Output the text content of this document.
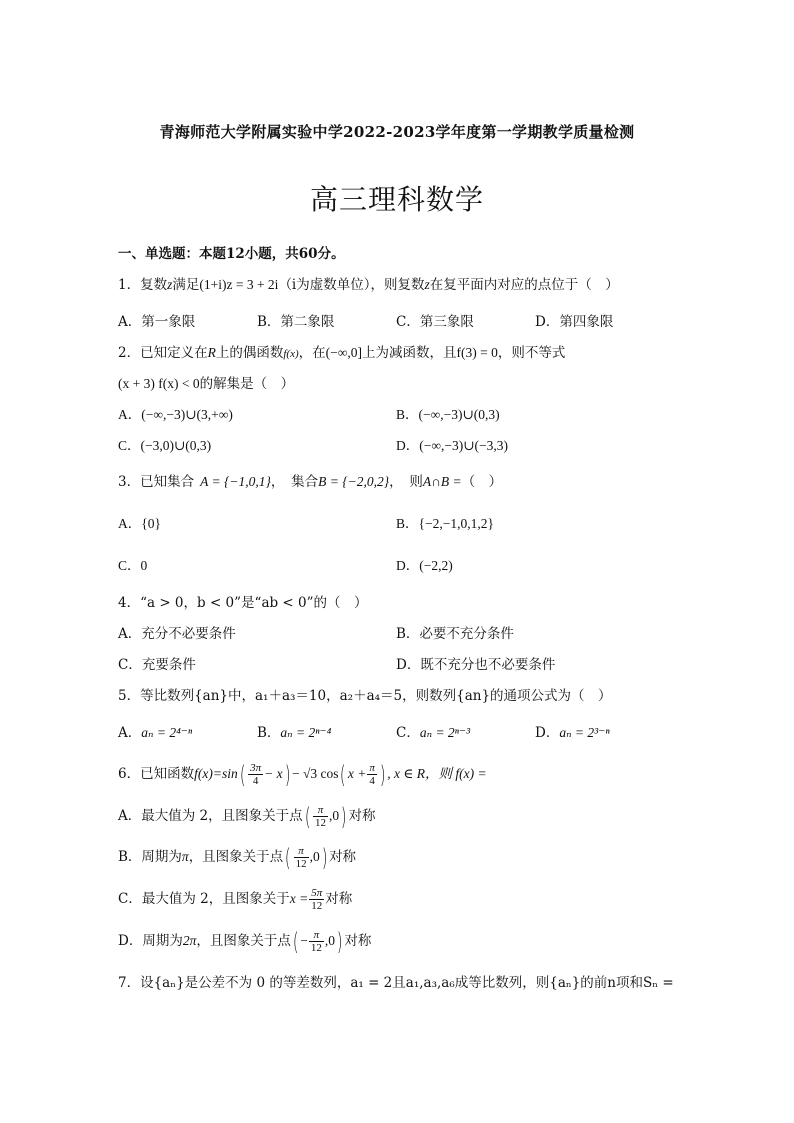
青海师范大学附属实验中学2022-2023学年度第一学期教学质量检测
高三理科数学
一、单选题：本题12小题，共60分。
1．复数z满足(1+i)z = 3 + 2i（i为虚数单位），则复数z在复平面内对应的点位于（　）
A．第一象限	B．第二象限	C．第三象限	D．第四象限
2．已知定义在R上的偶函数f(x)，在(−∞,0]上为减函数，且f(3) = 0，则不等式
(x + 3) f(x) < 0的解集是（　）
A．(−∞,−3)∪(3,+∞)	B．(−∞,−3)∪(0,3)
C．(−3,0)∪(0,3)	D．(−∞,−3)∪(−3,3)
3．已知集合 A = {−1,0,1}，　集合B = {−2,0,2}，　则A∩B =（　）
A．{0}	B．{−2,−1,0,1,2}
C．0	D．(−2,2)
4．“a > 0，b < 0”是“ab < 0”的（　）
A．充分不必要条件	B．必要不充分条件
C．充要条件	D．既不充分也不必要条件
5．等比数列{an}中，a₁＋a₃＝10，a₂＋a₄＝5，则数列{an}的通项公式为（　）
A．aₙ = 2⁴⁻ⁿ	B．aₙ = 2ⁿ⁻⁴	C．aₙ = 2ⁿ⁻³	D．aₙ = 2³⁻ⁿ
6．已知函数$f(x)=\sin( \frac{3\pi}{4} - x) - √3$ cos( $x + \frac{\pi}{4}$ ) , x ∈ R，则 f(x) =
A．最大值为 2，且图象关于点( $\frac{\pi}{12} ,0$) 对称
B．周期为π，且图象关于点( $\frac{\pi}{12} ,0$) 对称
C．最大值为 2，且图象关于$x = \frac{5\pi}{12}$ 对称
D．周期为2π，且图象关于点( − $\frac{\pi}{12} ,0$) 对称
7．设{aₙ}是公差不为 0 的等差数列，a₁ = 2且a₁,a₃,a₆成等比数列，则{aₙ}的前n项和Sₙ =
